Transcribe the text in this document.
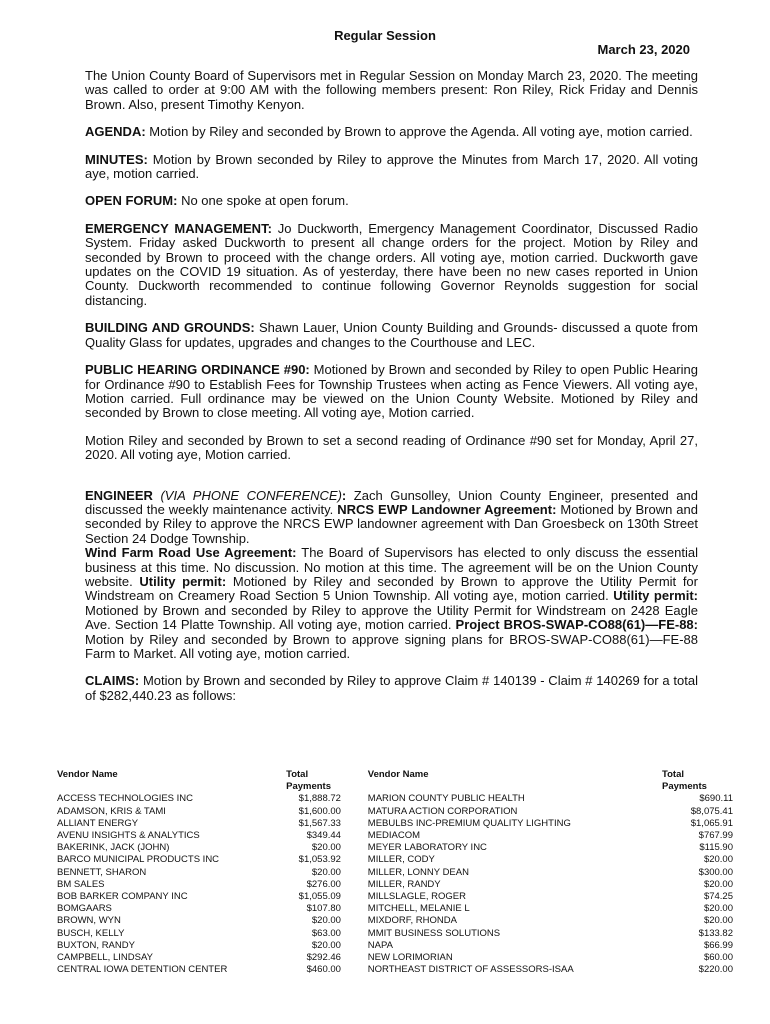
Regular Session
March 23, 2020

The Union County Board of Supervisors met in Regular Session on Monday March 23, 2020. The meeting was called to order at 9:00 AM with the following members present: Ron Riley, Rick Friday and Dennis Brown. Also, present Timothy Kenyon.

AGENDA: Motion by Riley and seconded by Brown to approve the Agenda. All voting aye, motion carried.

MINUTES: Motion by Brown seconded by Riley to approve the Minutes from March 17, 2020. All voting aye, motion carried.

OPEN FORUM: No one spoke at open forum.

EMERGENCY MANAGEMENT: Jo Duckworth, Emergency Management Coordinator, Discussed Radio System. Friday asked Duckworth to present all change orders for the project. Motion by Riley and seconded by Brown to proceed with the change orders. All voting aye, motion carried. Duckworth gave updates on the COVID 19 situation. As of yesterday, there have been no new cases reported in Union County. Duckworth recommended to continue following Governor Reynolds suggestion for social distancing.

BUILDING AND GROUNDS: Shawn Lauer, Union County Building and Grounds- discussed a quote from Quality Glass for updates, upgrades and changes to the Courthouse and LEC.

PUBLIC HEARING ORDINANCE #90: Motioned by Brown and seconded by Riley to open Public Hearing for Ordinance #90 to Establish Fees for Township Trustees when acting as Fence Viewers. All voting aye, Motion carried. Full ordinance may be viewed on the Union County Website. Motioned by Riley and seconded by Brown to close meeting. All voting aye, Motion carried.

Motion Riley and seconded by Brown to set a second reading of Ordinance #90 set for Monday, April 27, 2020. All voting aye, Motion carried.

ENGINEER (VIA PHONE CONFERENCE): Zach Gunsolley, Union County Engineer, presented and discussed the weekly maintenance activity. NRCS EWP Landowner Agreement: Motioned by Brown and seconded by Riley to approve the NRCS EWP landowner agreement with Dan Groesbeck on 130th Street Section 24 Dodge Township.
Wind Farm Road Use Agreement: The Board of Supervisors has elected to only discuss the essential business at this time. No discussion. No motion at this time. The agreement will be on the Union County website. Utility permit: Motioned by Riley and seconded by Brown to approve the Utility Permit for Windstream on Creamery Road Section 5 Union Township. All voting aye, motion carried. Utility permit: Motioned by Brown and seconded by Riley to approve the Utility Permit for Windstream on 2428 Eagle Ave. Section 14 Platte Township. All voting aye, motion carried. Project BROS-SWAP-CO88(61)—FE-88: Motion by Riley and seconded by Brown to approve signing plans for BROS-SWAP-CO88(61)—FE-88 Farm to Market. All voting aye, motion carried.

CLAIMS: Motion by Brown and seconded by Riley to approve Claim # 140139 - Claim # 140269 for a total of $282,440.23 as follows:

Vendor Name	Total
Payments		Vendor Name	Total
Payments
ACCESS TECHNOLOGIES INC	$1,888.72		MARION COUNTY PUBLIC HEALTH	$690.11
ADAMSON, KRIS & TAMI	$1,600.00		MATURA ACTION CORPORATION	$8,075.41
ALLIANT ENERGY	$1,567.33		MEBULBS INC-PREMIUM QUALITY LIGHTING	$1,065.91
AVENU INSIGHTS & ANALYTICS	$349.44		MEDIACOM	$767.99
BAKERINK, JACK (JOHN)	$20.00		MEYER LABORATORY INC	$115.90
BARCO MUNICIPAL PRODUCTS INC	$1,053.92		MILLER, CODY	$20.00
BENNETT, SHARON	$20.00		MILLER, LONNY DEAN	$300.00
BM SALES	$276.00		MILLER, RANDY	$20.00
BOB BARKER COMPANY INC	$1,055.09		MILLSLAGLE, ROGER	$74.25
BOMGAARS	$107.80		MITCHELL, MELANIE L	$20.00
BROWN, WYN	$20.00		MIXDORF, RHONDA	$20.00
BUSCH, KELLY	$63.00		MMIT BUSINESS SOLUTIONS	$133.82
BUXTON, RANDY	$20.00		NAPA	$66.99
CAMPBELL, LINDSAY	$292.46		NEW LORIMORIAN	$60.00
CENTRAL IOWA DETENTION CENTER	$460.00		NORTHEAST DISTRICT OF ASSESSORS-ISAA	$220.00
